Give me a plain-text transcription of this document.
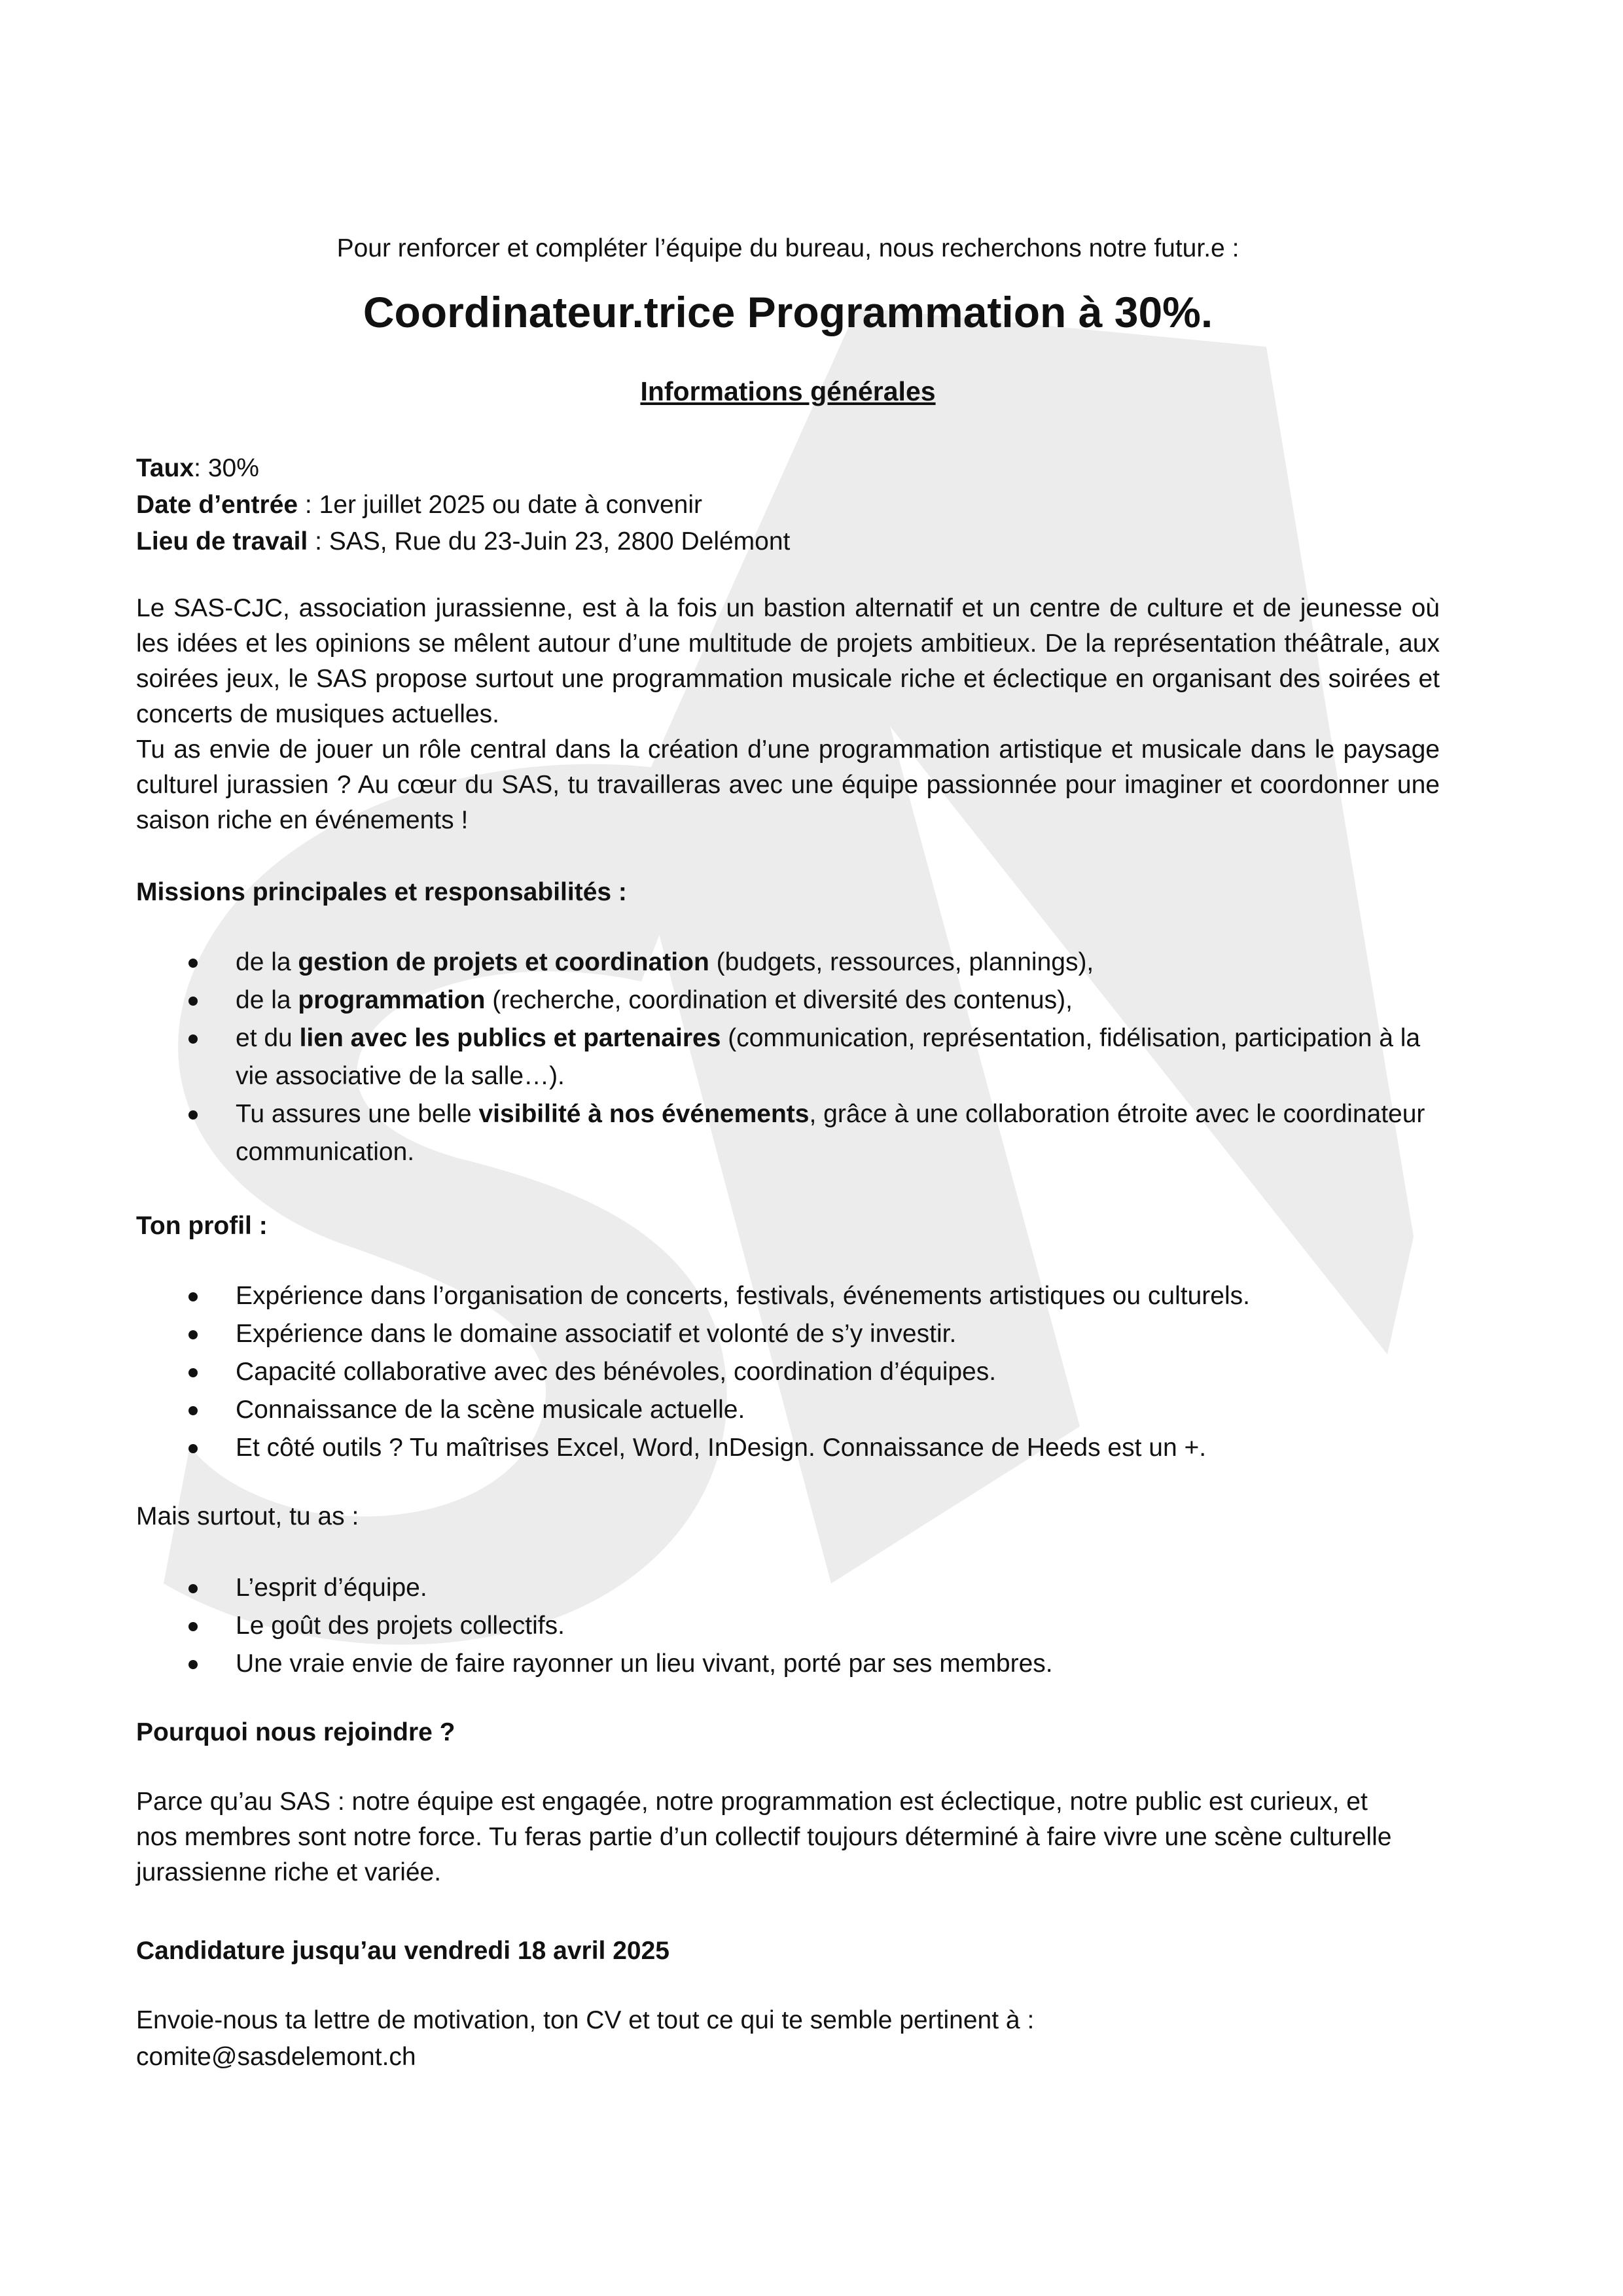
Pour renforcer et compléter l’équipe du bureau, nous recherchons notre futur.e :
Coordinateur.trice Programmation à 30%.
Informations générales
Taux: 30%
Date d’entrée : 1er juillet 2025 ou date à convenir
Lieu de travail : SAS, Rue du 23-Juin 23, 2800 Delémont
Le SAS-CJC, association jurassienne, est à la fois un bastion alternatif et un centre de culture et de jeunesse où les idées et les opinions se mêlent autour d’une multitude de projets ambitieux. De la représentation théâtrale, aux soirées jeux, le SAS propose surtout une programmation musicale riche et éclectique en organisant des soirées et concerts de musiques actuelles.
Tu as envie de jouer un rôle central dans la création d’une programmation artistique et musicale dans le paysage culturel jurassien ? Au cœur du SAS, tu travailleras avec une équipe passionnée pour imaginer et coordonner une saison riche en événements !
Missions principales et responsabilités :
de la gestion de projets et coordination (budgets, ressources, plannings),
de la programmation (recherche, coordination et diversité des contenus),
et du lien avec les publics et partenaires (communication, représentation, fidélisation, participation à la vie associative de la salle…).
Tu assures une belle visibilité à nos événements, grâce à une collaboration étroite avec le coordinateur communication.
Ton profil :
Expérience dans l’organisation de concerts, festivals, événements artistiques ou culturels.
Expérience dans le domaine associatif et volonté de s’y investir.
Capacité collaborative avec des bénévoles, coordination d’équipes.
Connaissance de la scène musicale actuelle.
Et côté outils ? Tu maîtrises Excel, Word, InDesign. Connaissance de Heeds est un +.
Mais surtout, tu as :
L’esprit d’équipe.
Le goût des projets collectifs.
Une vraie envie de faire rayonner un lieu vivant, porté par ses membres.
Pourquoi nous rejoindre ?
Parce qu’au SAS : notre équipe est engagée, notre programmation est éclectique, notre public est curieux, et nos membres sont notre force. Tu feras partie d’un collectif toujours déterminé à faire vivre une scène culturelle jurassienne riche et variée.
Candidature jusqu’au vendredi 18 avril 2025
Envoie-nous ta lettre de motivation, ton CV et tout ce qui te semble pertinent à :
comite@sasdelemont.ch
